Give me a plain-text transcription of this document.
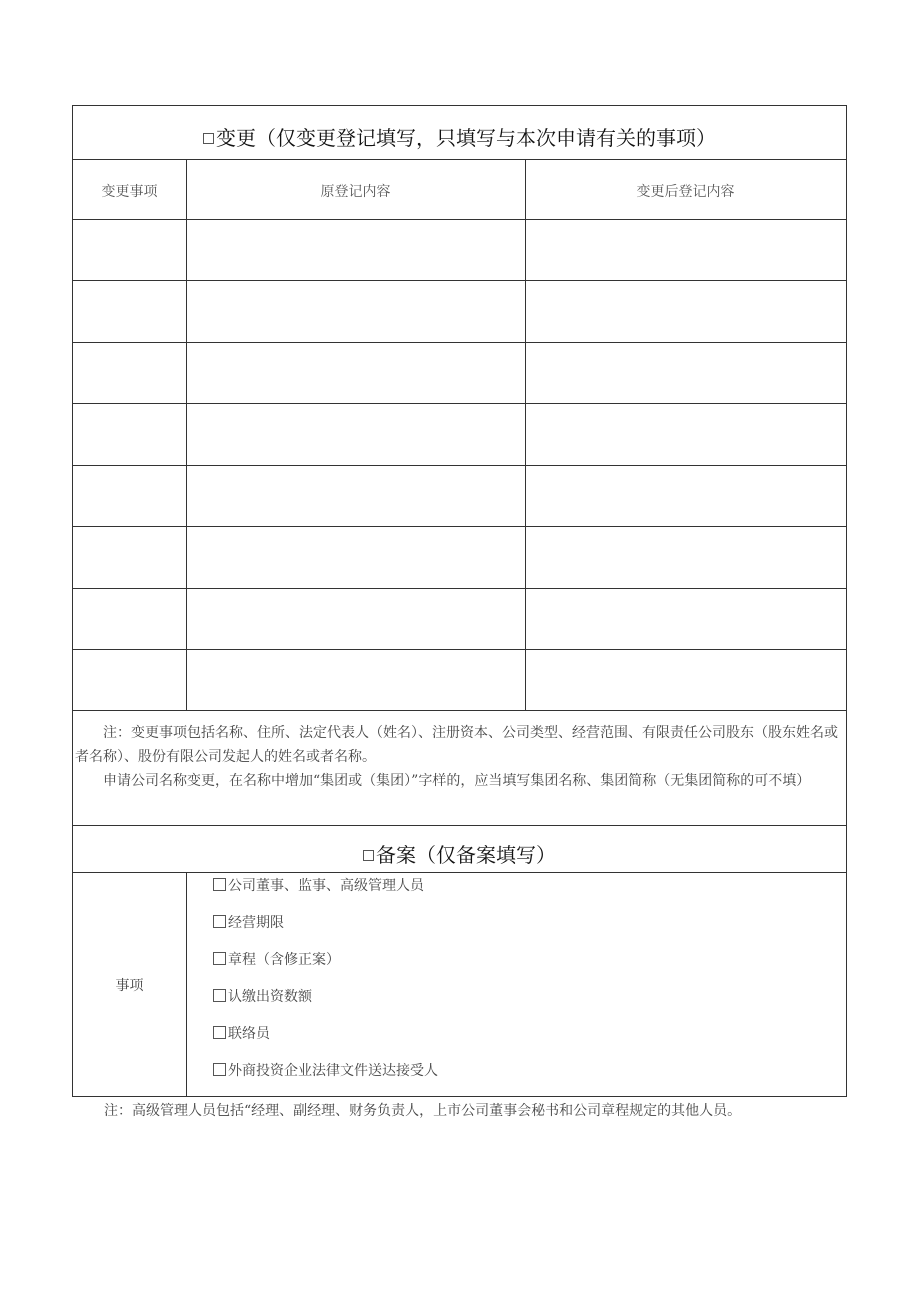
变更（仅变更登记填写，只填写与本次申请有关的事项）
变更事项	原登记内容	变更后登记内容

注：变更事项包括名称、住所、法定代表人（姓名）、注册资本、公司类型、经营范围、有限责任公司股东（股东姓名或者名称）、股份有限公司发起人的姓名或者名称。

申请公司名称变更，在名称中增加“集团或（集团）”字样的，应当填写集团名称、集团简称（无集团简称的可不填）

备案（仅备案填写）
事项
公司董事、监事、高级管理人员
经营期限
章程（含修正案）
认缴出资数额
联络员
外商投资企业法律文件送达接受人
注：高级管理人员包括“经理、副经理、财务负责人，上市公司董事会秘书和公司章程规定的其他人员。
